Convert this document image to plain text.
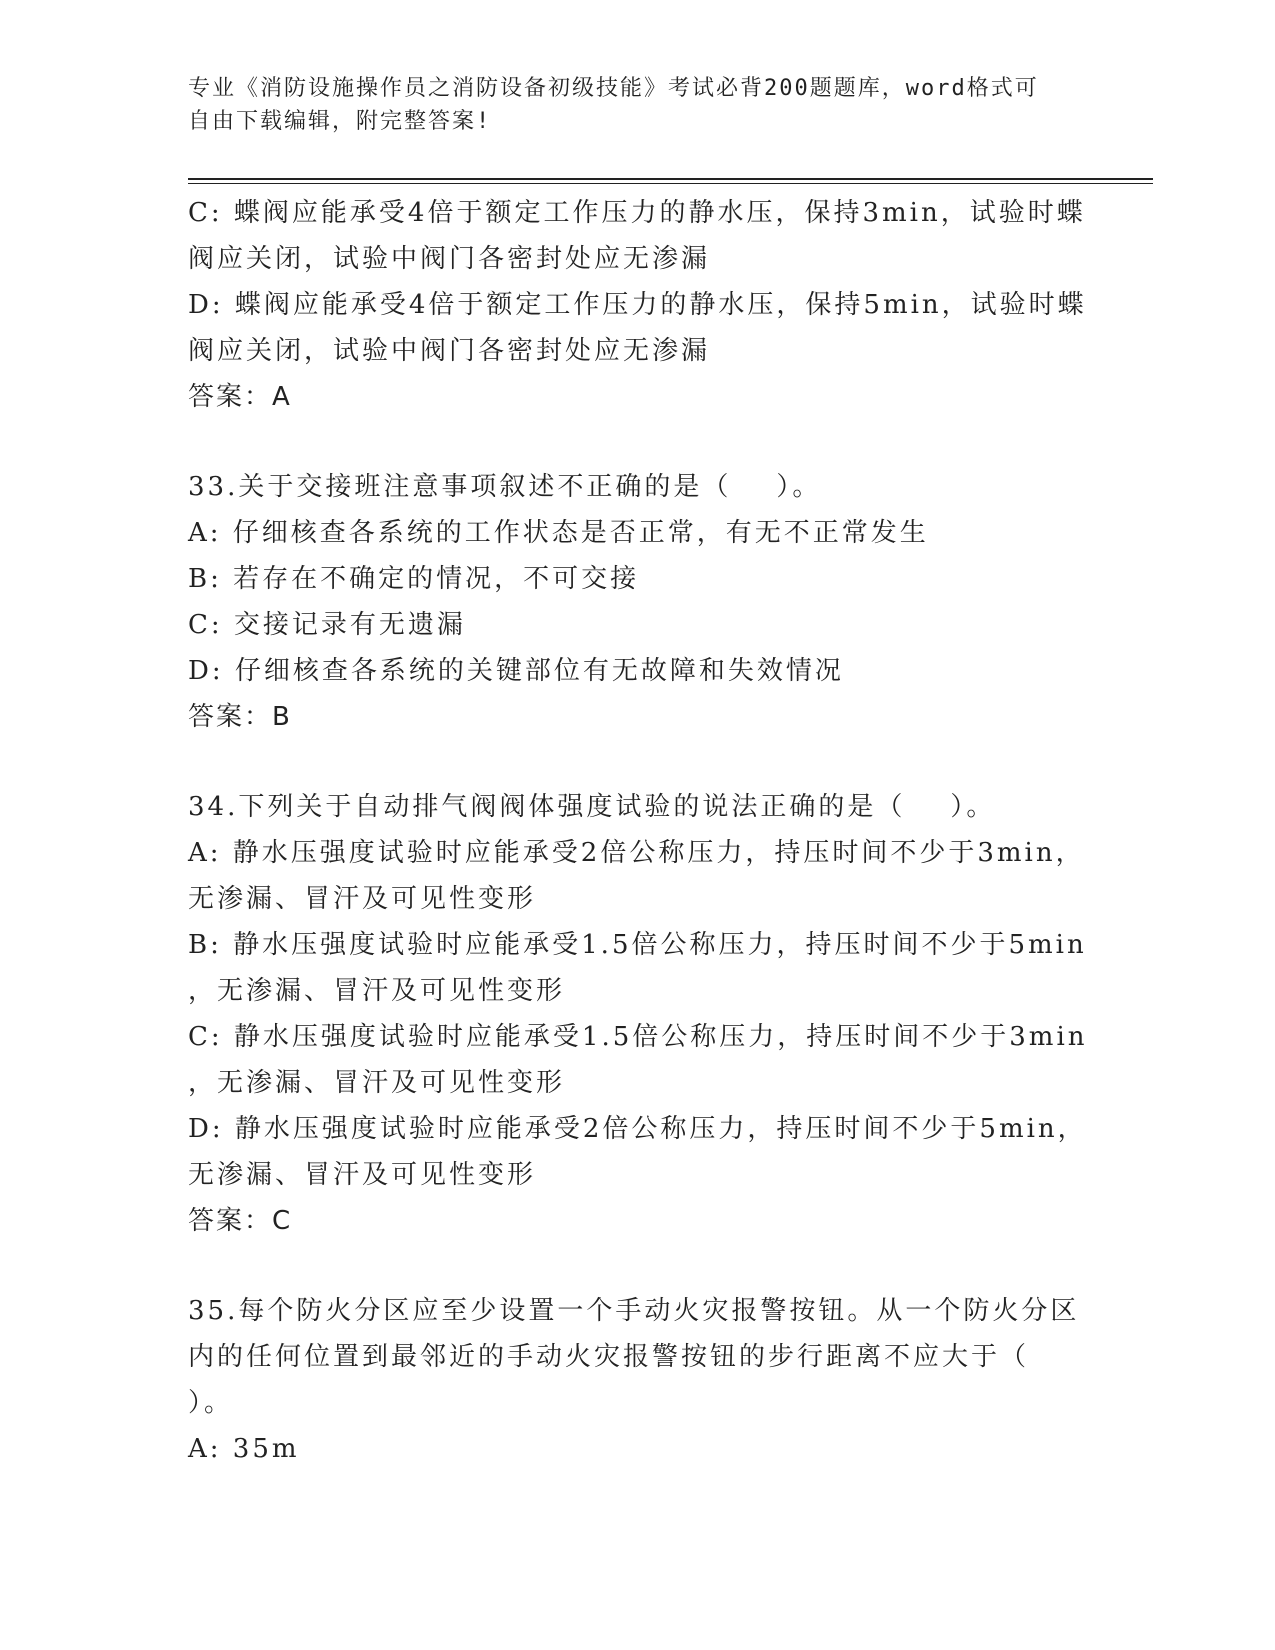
专业《消防设施操作员之消防设备初级技能》考试必背200题题库，word格式可
自由下载编辑，附完整答案!
C: 蝶阀应能承受4倍于额定工作压力的静水压，保持3min，试验时蝶
阀应关闭，试验中阀门各密封处应无渗漏
D: 蝶阀应能承受4倍于额定工作压力的静水压，保持5min，试验时蝶
阀应关闭，试验中阀门各密封处应无渗漏
答案：A
33.关于交接班注意事项叙述不正确的是（    ）。
A: 仔细核查各系统的工作状态是否正常，有无不正常发生
B: 若存在不确定的情况，不可交接
C: 交接记录有无遗漏
D: 仔细核查各系统的关键部位有无故障和失效情况
答案：B
34.下列关于自动排气阀阀体强度试验的说法正确的是（    ）。
A: 静水压强度试验时应能承受2倍公称压力，持压时间不少于3min，
无渗漏、冒汗及可见性变形
B: 静水压强度试验时应能承受1.5倍公称压力，持压时间不少于5min
，无渗漏、冒汗及可见性变形
C: 静水压强度试验时应能承受1.5倍公称压力，持压时间不少于3min
，无渗漏、冒汗及可见性变形
D: 静水压强度试验时应能承受2倍公称压力，持压时间不少于5min，
无渗漏、冒汗及可见性变形
答案：C
35.每个防火分区应至少设置一个手动火灾报警按钮。从一个防火分区
内的任何位置到最邻近的手动火灾报警按钮的步行距离不应大于（
）。
A: 35m
